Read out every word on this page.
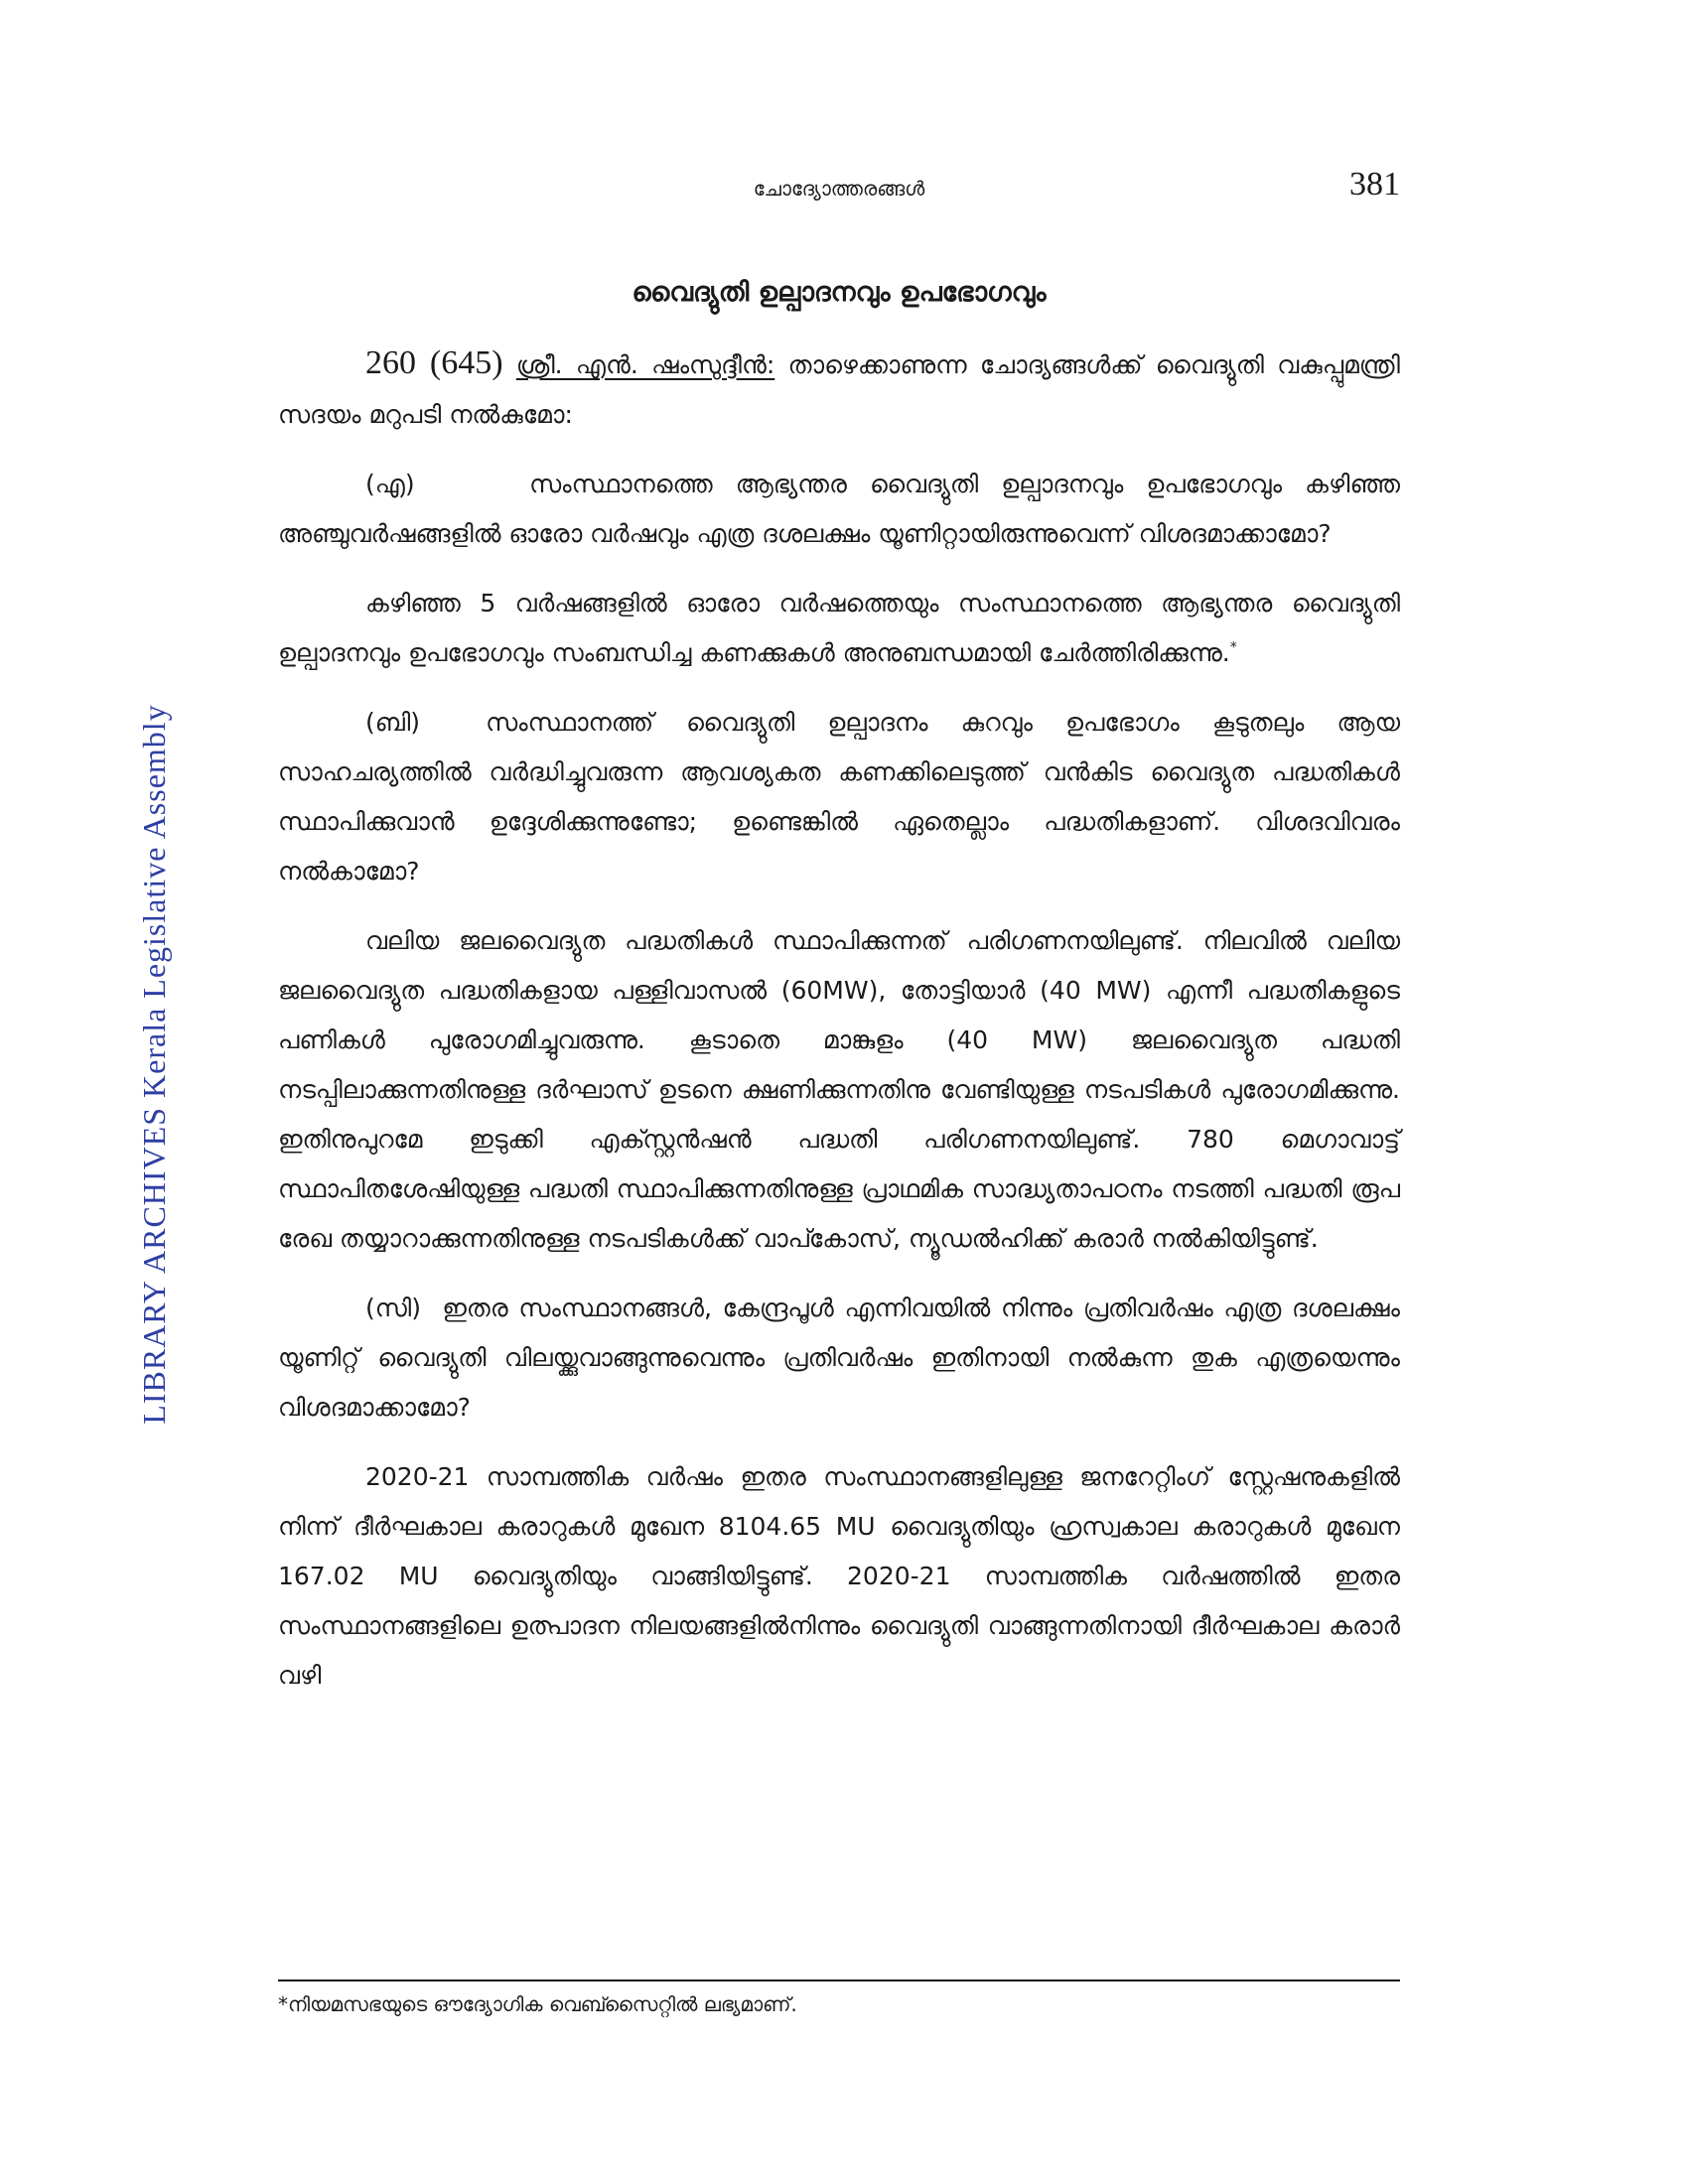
LIBRARY ARCHIVES Kerala Legislative Assembly
ചോദ്യോത്തരങ്ങൾ	381
വൈദ്യുതി ഉല്പാദനവും ഉപഭോഗവും

260 (645) ശ്രീ. എൻ. ഷംസുദ്ദീൻ: താഴെക്കാണുന്ന ചോദ്യങ്ങൾക്ക് വൈദ്യുതി വകുപ്പുമന്ത്രി സദയം മറുപടി നൽകുമോ:

(എ)	സംസ്ഥാനത്തെ ആഭ്യന്തര വൈദ്യുതി ഉല്പാദനവും ഉപഭോഗവും കഴിഞ്ഞ അഞ്ചുവർഷങ്ങളിൽ ഓരോ വർഷവും എത്ര ദശലക്ഷം യൂണിറ്റായിരുന്നുവെന്ന് വിശദമാക്കാമോ?

കഴിഞ്ഞ 5 വർഷങ്ങളിൽ ഓരോ വർഷത്തെയും സംസ്ഥാനത്തെ ആഭ്യന്തര വൈദ്യുതി ഉല്പാദനവും ഉപഭോഗവും സംബന്ധിച്ച കണക്കുകൾ അനുബന്ധമായി ചേർത്തിരിക്കുന്നു.*

(ബി)	സംസ്ഥാനത്ത് വൈദ്യുതി ഉല്പാദനം കുറവും ഉപഭോഗം കൂടുതലും ആയ സാഹചര്യത്തിൽ വർദ്ധിച്ചുവരുന്ന ആവശ്യകത കണക്കിലെടുത്ത് വൻകിട വൈദ്യുത പദ്ധതികൾ സ്ഥാപിക്കുവാൻ ഉദ്ദേശിക്കുന്നുണ്ടോ; ഉണ്ടെങ്കിൽ ഏതെല്ലാം പദ്ധതികളാണ്. വിശദവിവരം നൽകാമോ?

വലിയ ജലവൈദ്യുത പദ്ധതികൾ സ്ഥാപിക്കുന്നത് പരിഗണനയിലുണ്ട്. നിലവിൽ വലിയ ജലവൈദ്യുത പദ്ധതികളായ പള്ളിവാസൽ (60MW), തോട്ടിയാർ (40 MW) എന്നീ പദ്ധതികളുടെ പണികൾ പുരോഗമിച്ചുവരുന്നു. കൂടാതെ മാങ്കുളം (40 MW) ജലവൈദ്യുത പദ്ധതി നടപ്പിലാക്കുന്നതിനുള്ള ദർഘാസ് ഉടനെ ക്ഷണിക്കുന്നതിനു വേണ്ടിയുള്ള നടപടികൾ പുരോഗമിക്കുന്നു. ഇതിനുപുറമേ ഇടുക്കി എക്സ്റ്റൻഷൻ പദ്ധതി പരിഗണനയിലുണ്ട്. 780 മെഗാവാട്ട് സ്ഥാപിതശേഷിയുള്ള പദ്ധതി സ്ഥാപിക്കുന്നതിനുള്ള പ്രാഥമിക സാദ്ധ്യതാപഠനം നടത്തി പദ്ധതി രൂപ രേഖ തയ്യാറാക്കുന്നതിനുള്ള നടപടികൾക്ക് വാപ്കോസ്, ന്യൂഡൽഹിക്ക് കരാർ നൽകിയിട്ടുണ്ട്.

(സി) ഇതര സംസ്ഥാനങ്ങൾ, കേന്ദ്രപൂൾ എന്നിവയിൽ നിന്നും പ്രതിവർഷം എത്ര ദശലക്ഷം യൂണിറ്റ് വൈദ്യുതി വിലയ്ക്കുവാങ്ങുന്നുവെന്നും പ്രതിവർഷം ഇതിനായി നൽകുന്ന തുക എത്രയെന്നും വിശദമാക്കാമോ?

2020-21 സാമ്പത്തിക വർഷം ഇതര സംസ്ഥാനങ്ങളിലുള്ള ജനറേറ്റിംഗ് സ്റ്റേഷനുകളിൽ നിന്ന് ദീർഘകാല കരാറുകൾ മുഖേന 8104.65 MU വൈദ്യുതിയും ഹ്രസ്വകാല കരാറുകൾ മുഖേന 167.02 MU വൈദ്യുതിയും വാങ്ങിയിട്ടുണ്ട്. 2020-21 സാമ്പത്തിക വർഷത്തിൽ ഇതര സംസ്ഥാനങ്ങളിലെ ഉത്പാദന നിലയങ്ങളിൽനിന്നും വൈദ്യുതി വാങ്ങുന്നതിനായി ദീർഘകാല കരാർ വഴി

*നിയമസഭയുടെ ഔദ്യോഗിക വെബ്സൈറ്റിൽ ലഭ്യമാണ്.
